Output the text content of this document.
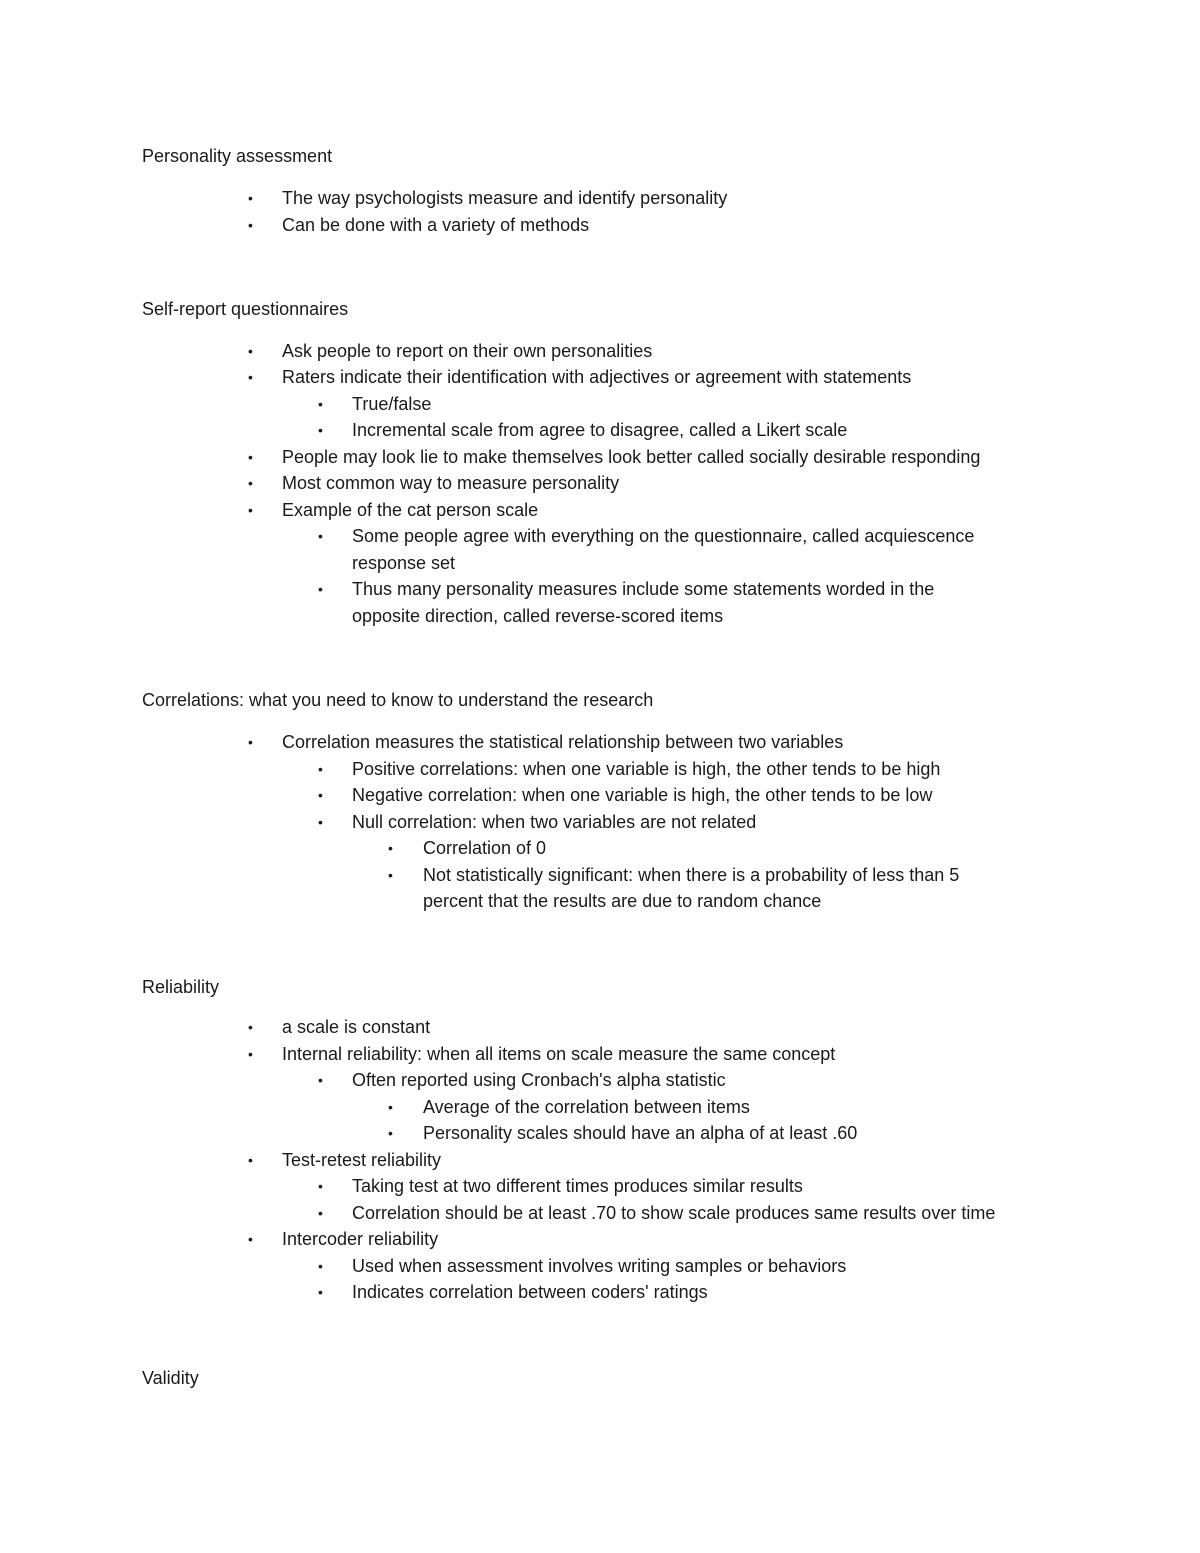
Personality assessment
• The way psychologists measure and identify personality
• Can be done with a variety of methods
Self-report questionnaires
• Ask people to report on their own personalities
• Raters indicate their identification with adjectives or agreement with statements
• True/false
• Incremental scale from agree to disagree, called a Likert scale
• People may look lie to make themselves look better called socially desirable responding
• Most common way to measure personality
• Example of the cat person scale
• Some people agree with everything on the questionnaire, called acquiescence
response set
• Thus many personality measures include some statements worded in the
opposite direction, called reverse-scored items
Correlations: what you need to know to understand the research
• Correlation measures the statistical relationship between two variables
• Positive correlations: when one variable is high, the other tends to be high
• Negative correlation: when one variable is high, the other tends to be low
• Null correlation: when two variables are not related
• Correlation of 0
• Not statistically significant: when there is a probability of less than 5
percent that the results are due to random chance
Reliability
• a scale is constant
• Internal reliability: when all items on scale measure the same concept
• Often reported using Cronbach's alpha statistic
• Average of the correlation between items
• Personality scales should have an alpha of at least .60
• Test-retest reliability
• Taking test at two different times produces similar results
• Correlation should be at least .70 to show scale produces same results over time
• Intercoder reliability
• Used when assessment involves writing samples or behaviors
• Indicates correlation between coders' ratings
Validity
